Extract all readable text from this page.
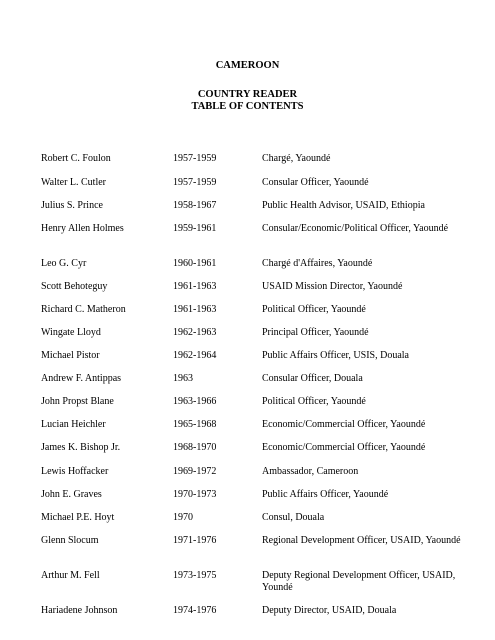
CAMEROON
COUNTRY READER
TABLE OF CONTENTS
Robert C. Foulon	1957-1959	Chargé, Yaoundé
Walter L. Cutler	1957-1959	Consular Officer, Yaoundé
Julius S. Prince	1958-1967	Public Health Advisor, USAID, Ethiopia
Henry Allen Holmes	1959-1961	Consular/Economic/Political Officer, Yaoundé
Leo G. Cyr	1960-1961	Chargé d'Affaires, Yaoundé
Scott Behoteguy	1961-1963	USAID Mission Director, Yaoundé
Richard C. Matheron	1961-1963	Political Officer, Yaoundé
Wingate Lloyd	1962-1963	Principal Officer, Yaoundé
Michael Pistor	1962-1964	Public Affairs Officer, USIS, Douala
Andrew F. Antippas	1963	Consular Officer, Douala
John Propst Blane	1963-1966	Political Officer, Yaoundé
Lucian Heichler	1965-1968	Economic/Commercial Officer, Yaoundé
James K. Bishop Jr.	1968-1970	Economic/Commercial Officer, Yaoundé
Lewis Hoffacker	1969-1972	Ambassador, Cameroon
John E. Graves	1970-1973	Public Affairs Officer, Yaoundé
Michael P.E. Hoyt	1970	Consul, Douala
Glenn Slocum	1971-1976	Regional Development Officer, USAID, Yaoundé
Arthur M. Fell	1973-1975	Deputy Regional Development Officer, USAID, Youndé
Hariadene Johnson	1974-1976	Deputy Director, USAID, Douala
